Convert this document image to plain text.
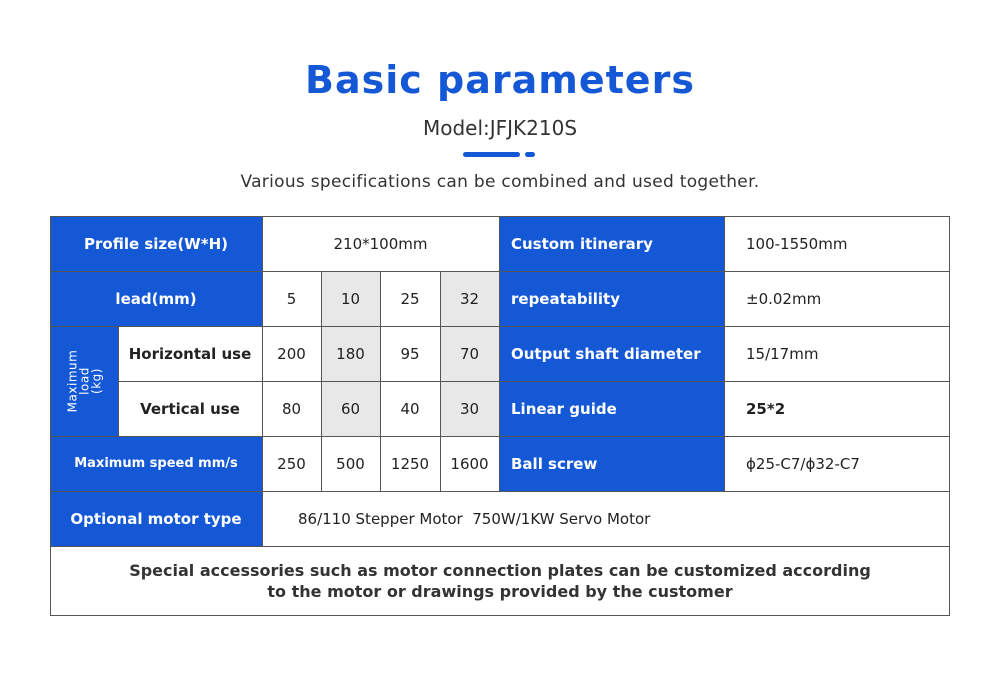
Basic parameters
Model:JFJK210S
Various specifications can be combined and used together.
Profile size(W*H)	210*100mm	Custom itinerary	100-1550mm
lead(mm)	5	10	25	32	repeatability	±0.02mm
Maximum
load
(kg)
Horizontal use	200	180	95	70	Output shaft diameter	15/17mm
Vertical use	80	60	40	30	Linear guide	25*2
Maximum speed mm/s	250	500	1250	1600	Ball screw	ϕ25-C7/ϕ32-C7
Optional motor type	86/110 Stepper Motor  750W/1KW Servo Motor
Special accessories such as motor connection plates can be customized according
to the motor or drawings provided by the customer
